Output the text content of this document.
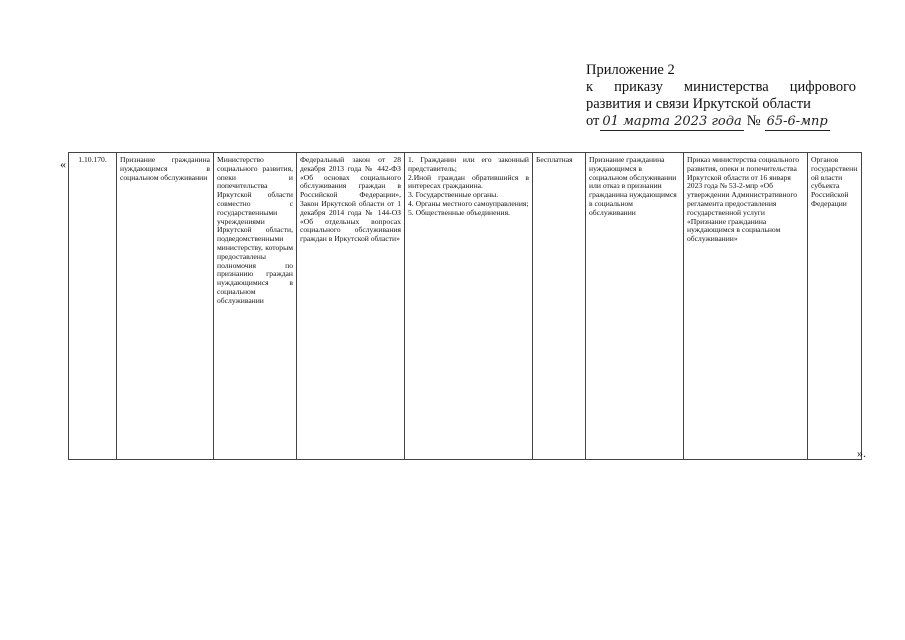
Приложение 2
к приказу министерства цифрового
развития и связи Иркутской области
от 01 марта 2023 года № 65-6-мпр
« 1.10.170.	Признание гражданина нуждающимся в социальном обслуживании	Министерство социального развития, опеки и попечительства Иркутской области совместно с государственными учреждениями Иркутской области, подведомственными министерству, которым предоставлены полномочия по признанию граждан нуждающимися в социальном обслуживании	Федеральный закон от 28 декабря 2013 года № 442-ФЗ «Об основах социального обслуживания граждан в Российской Федерации», Закон Иркутской области от 1 декабря 2014 года № 144-ОЗ «Об отдельных вопросах социального обслуживания граждан в Иркутской области»	
1. Гражданин или его законный представитель;
2.Иной граждан обратившийся в интересах гражданина.
3. Государственные органы.
4. Органы местного самоуправления;
5. Общественные объединения.
	Бесплатная	Признание гражданина нуждающимся в социальном обслуживании или отказ в признании гражданина нуждающимся в социальном обслуживании	Приказ министерства социального развития, опеки и попечительства Иркутской области от 16 января 2023 года № 53-2-мпр «Об утверждении Административного регламента предоставления государственной услуги «Признание гражданина нуждающимся в социальном обслуживании»	Органов государственной власти субъекта Российской Федерации
».
